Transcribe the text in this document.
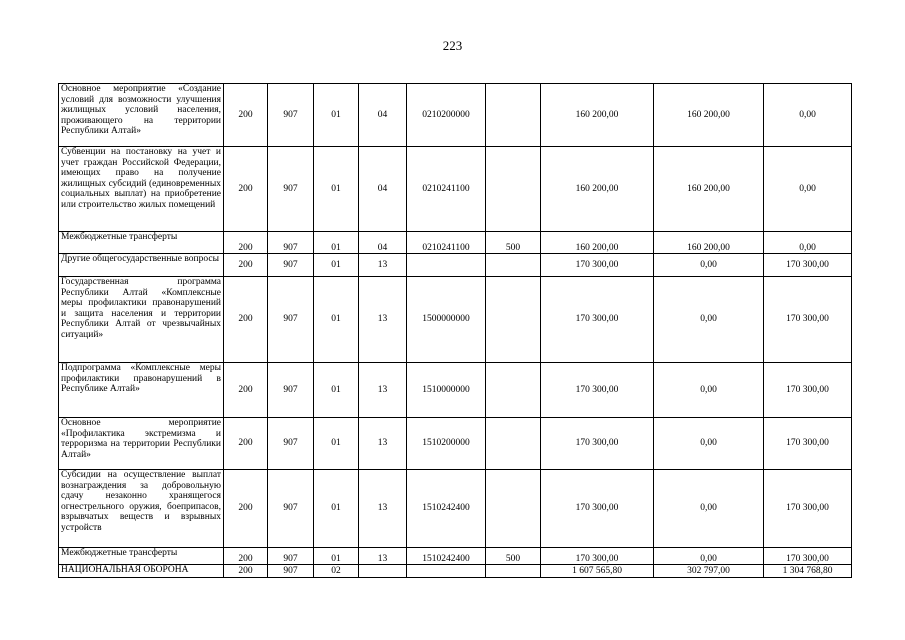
223
Основное мероприятие «Создание условий для возможности улучшения жилищных условий населения, проживающего на территории Республики Алтай»	200	907	01	04	0210200000		160 200,00	160 200,00	0,00
Субвенции на постановку на учет и учет граждан Российской Федерации, имеющих право на получение жилищных субсидий (единовременных социальных выплат) на приобретение или строительство жилых помещений	200	907	01	04	0210241100		160 200,00	160 200,00	0,00
Межбюджетные трансферты	200	907	01	04	0210241100	500	160 200,00	160 200,00	0,00
Другие общегосударственные вопросы	200	907	01	13			170 300,00	0,00	170 300,00
Государственная программа Республики Алтай «Комплексные меры профилактики правонарушений и защита населения и территории Республики Алтай от чрезвычайных ситуаций»	200	907	01	13	1500000000		170 300,00	0,00	170 300,00
Подпрограмма «Комплексные меры профилактики правонарушений в Республике Алтай»	200	907	01	13	1510000000		170 300,00	0,00	170 300,00
Основное мероприятие «Профилактика экстремизма и терроризма на территории Республики Алтай»	200	907	01	13	1510200000		170 300,00	0,00	170 300,00
Субсидии на осуществление выплат вознаграждения за добровольную сдачу незаконно хранящегося огнестрельного оружия, боеприпасов, взрывчатых веществ и взрывных устройств	200	907	01	13	1510242400		170 300,00	0,00	170 300,00
Межбюджетные трансферты	200	907	01	13	1510242400	500	170 300,00	0,00	170 300,00
НАЦИОНАЛЬНАЯ ОБОРОНА	200	907	02				1 607 565,80	302 797,00	1 304 768,80
